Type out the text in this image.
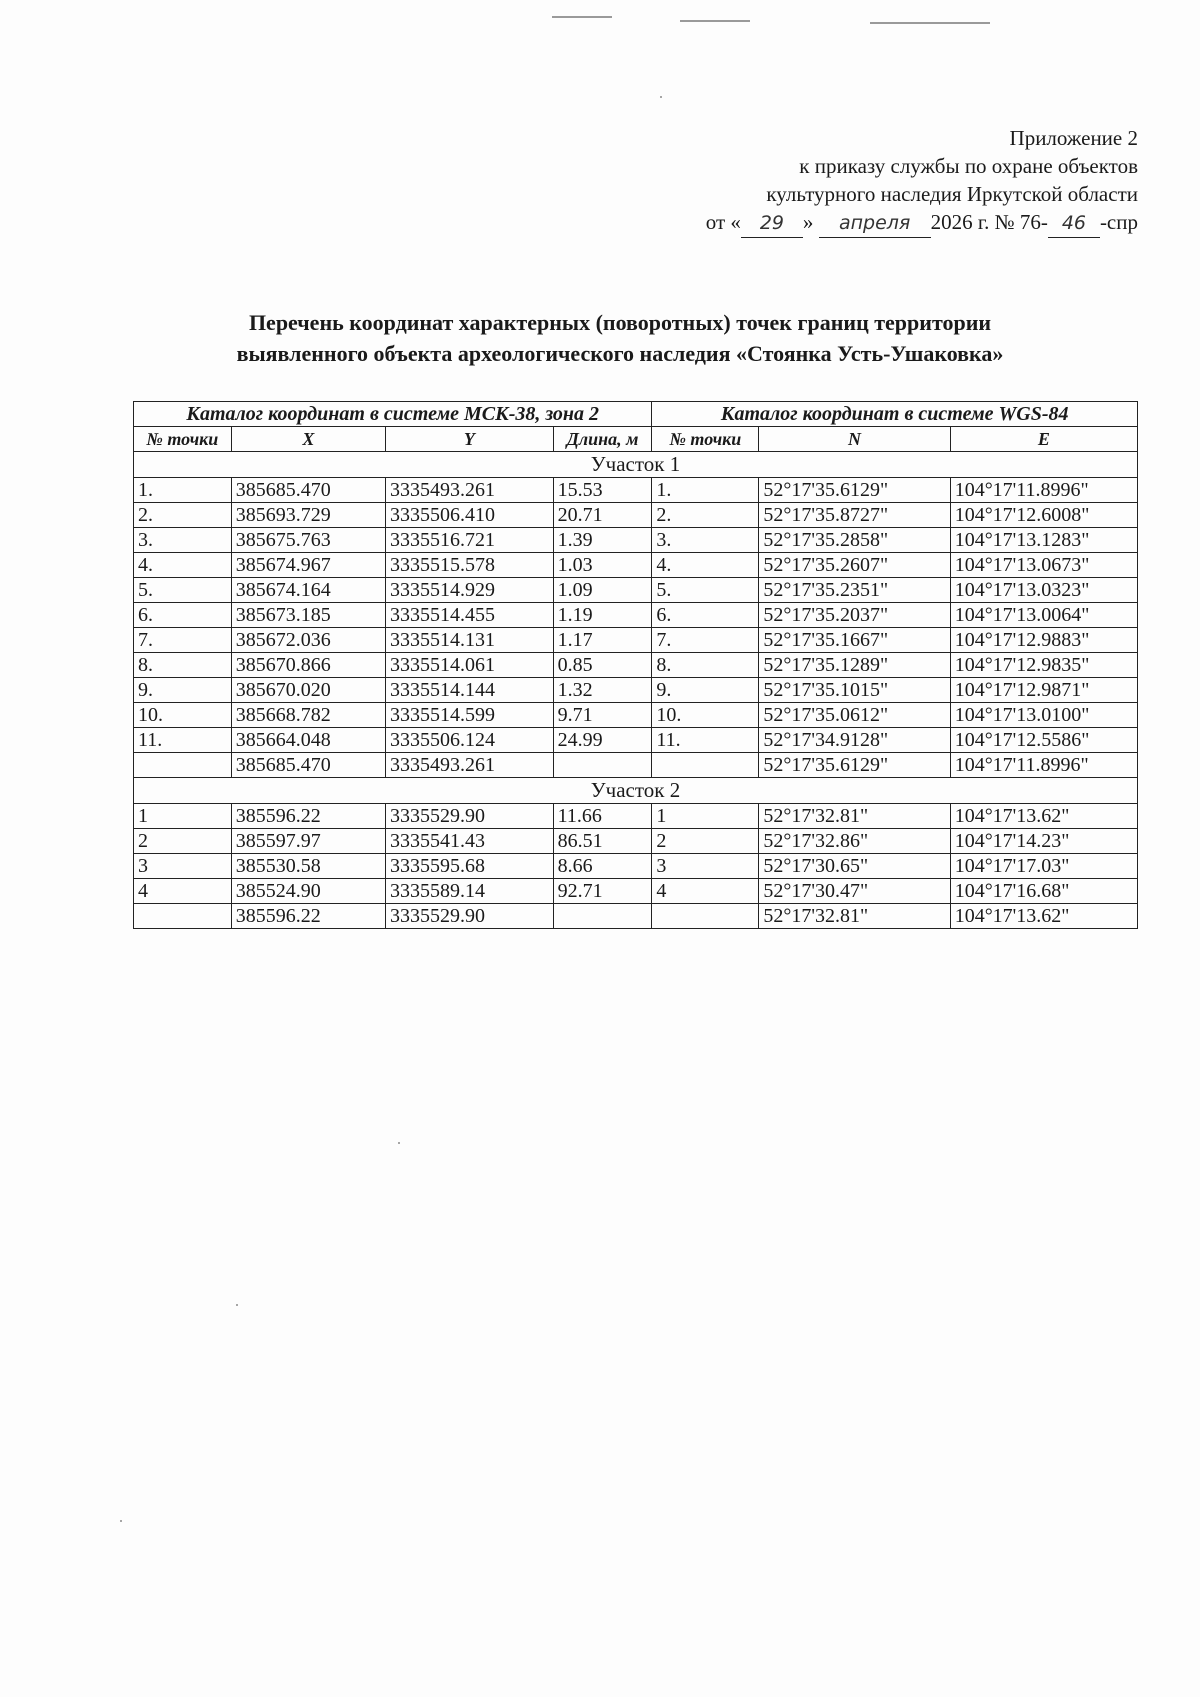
Приложение 2
к приказу службы по охране объектов
культурного наследия Иркутской области
от « 29 » апреля 2026 г. № 76- 46 -спр
Перечень координат характерных (поворотных) точек границ территории
выявленного объекта археологического наследия «Стоянка Усть-Ушаковка»
Каталог координат в системе МСК-38, зона 2				Каталог координат в системе WGS-84		
№ точки	X	Y	Длина, м	№ точки	N	E
Участок 1						
1.	385685.470	3335493.261	15.53	1.	52°17'35.6129"	104°17'11.8996"
2.	385693.729	3335506.410	20.71	2.	52°17'35.8727"	104°17'12.6008"
3.	385675.763	3335516.721	1.39	3.	52°17'35.2858"	104°17'13.1283"
4.	385674.967	3335515.578	1.03	4.	52°17'35.2607"	104°17'13.0673"
5.	385674.164	3335514.929	1.09	5.	52°17'35.2351"	104°17'13.0323"
6.	385673.185	3335514.455	1.19	6.	52°17'35.2037"	104°17'13.0064"
7.	385672.036	3335514.131	1.17	7.	52°17'35.1667"	104°17'12.9883"
8.	385670.866	3335514.061	0.85	8.	52°17'35.1289"	104°17'12.9835"
9.	385670.020	3335514.144	1.32	9.	52°17'35.1015"	104°17'12.9871"
10.	385668.782	3335514.599	9.71	10.	52°17'35.0612"	104°17'13.0100"
11.	385664.048	3335506.124	24.99	11.	52°17'34.9128"	104°17'12.5586"
	385685.470	3335493.261			52°17'35.6129"	104°17'11.8996"
Участок 2						
1	385596.22	3335529.90	11.66	1	52°17'32.81"	104°17'13.62"
2	385597.97	3335541.43	86.51	2	52°17'32.86"	104°17'14.23"
3	385530.58	3335595.68	8.66	3	52°17'30.65"	104°17'17.03"
4	385524.90	3335589.14	92.71	4	52°17'30.47"	104°17'16.68"
	385596.22	3335529.90			52°17'32.81"	104°17'13.62"
